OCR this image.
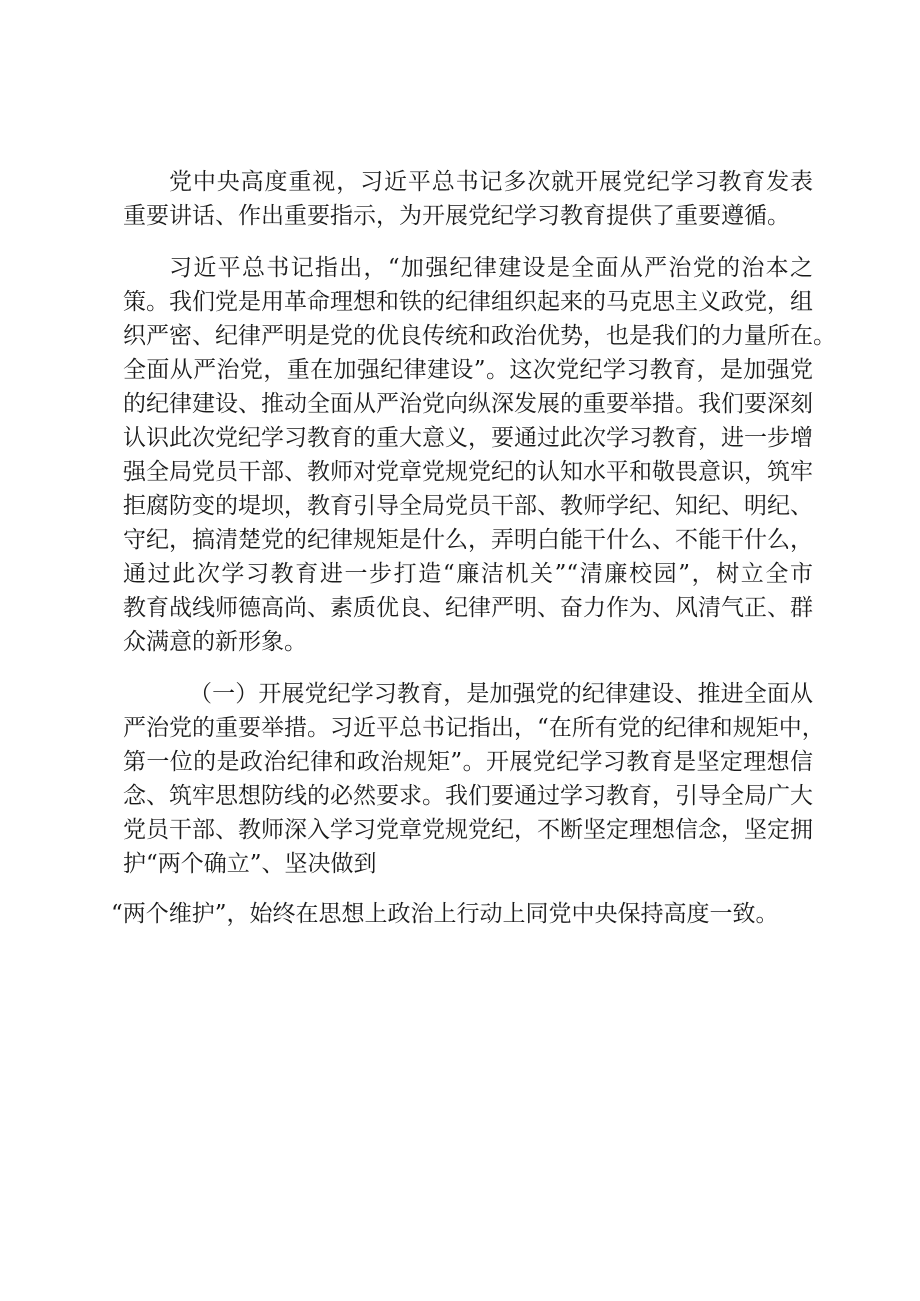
党中央高度重视，习近平总书记多次就开展党纪学习教育发表
重要讲话、作出重要指示，为开展党纪学习教育提供了重要遵循。
习近平总书记指出，“加强纪律建设是全面从严治党的治本之
策。我们党是用革命理想和铁的纪律组织起来的马克思主义政党，组
织严密、纪律严明是党的优良传统和政治优势，也是我们的力量所在。
全面从严治党，重在加强纪律建设”。这次党纪学习教育，是加强党
的纪律建设、推动全面从严治党向纵深发展的重要举措。我们要深刻
认识此次党纪学习教育的重大意义，要通过此次学习教育，进一步增
强全局党员干部、教师对党章党规党纪的认知水平和敬畏意识，筑牢
拒腐防变的堤坝，教育引导全局党员干部、教师学纪、知纪、明纪、
守纪，搞清楚党的纪律规矩是什么，弄明白能干什么、不能干什么，
通过此次学习教育进一步打造“廉洁机关”“清廉校园”，树立全市
教育战线师德高尚、素质优良、纪律严明、奋力作为、风清气正、群
众满意的新形象。
（一）开展党纪学习教育，是加强党的纪律建设、推进全面从
严治党的重要举措。习近平总书记指出，“在所有党的纪律和规矩中，
第一位的是政治纪律和政治规矩”。开展党纪学习教育是坚定理想信
念、筑牢思想防线的必然要求。我们要通过学习教育，引导全局广大
党员干部、教师深入学习党章党规党纪，不断坚定理想信念，坚定拥
护“两个确立”、坚决做到
“两个维护”，始终在思想上政治上行动上同党中央保持高度一致。
